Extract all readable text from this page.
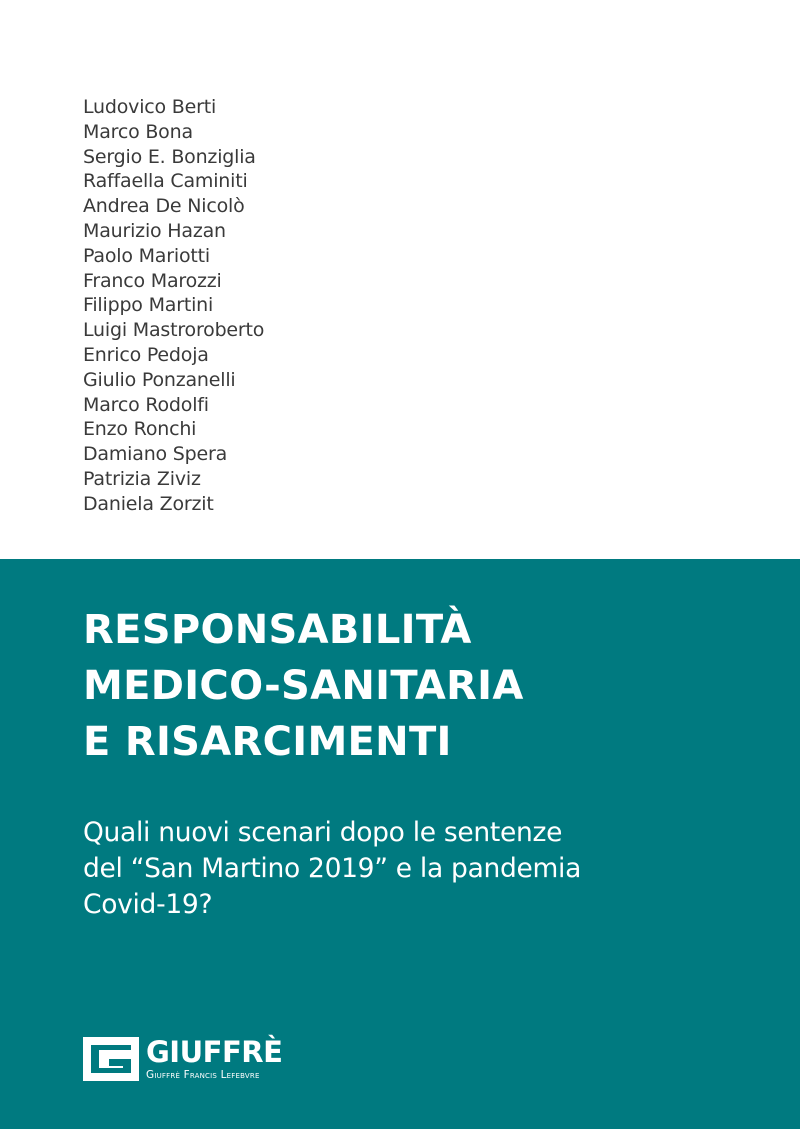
Ludovico Berti
Marco Bona
Sergio E. Bonziglia
Raffaella Caminiti
Andrea De Nicolò
Maurizio Hazan
Paolo Mariotti
Franco Marozzi
Filippo Martini
Luigi Mastroroberto
Enrico Pedoja
Giulio Ponzanelli
Marco Rodolfi
Enzo Ronchi
Damiano Spera
Patrizia Ziviz
Daniela Zorzit
RESPONSABILITÀ
MEDICO-SANITARIA
E RISARCIMENTI

Quali nuovi scenari dopo le sentenze
del “San Martino 2019” e la pandemia
Covid-19?

GIUFFRÈ
Giuffrè Francis Lefebvre
